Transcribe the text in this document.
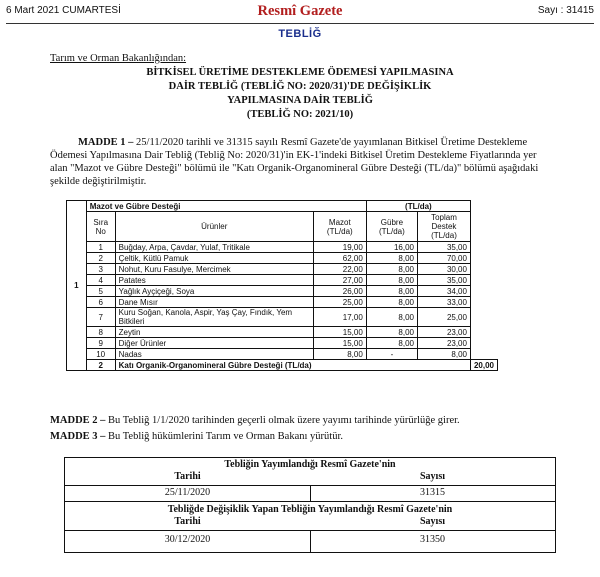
6 Mart 2021 CUMARTESİ	Resmî Gazete	Sayı : 31415
TEBLİĞ
Tarım ve Orman Bakanlığından:
BİTKİSEL ÜRETİME DESTEKLEME ÖDEMESİ YAPILMASINA
DAİR TEBLİĞ (TEBLİĞ NO: 2020/31)'DE DEĞİŞİKLİK
YAPILMASINA DAİR TEBLİĞ
(TEBLİĞ NO: 2021/10)
MADDE 1 – 25/11/2020 tarihli ve 31315 sayılı Resmî Gazete'de yayımlanan Bitkisel Üretime Destekleme
Ödemesi Yapılmasına Dair Tebliğ (Tebliğ No: 2020/31)'in EK-1'indeki Bitkisel Üretim Destekleme Fiyatlarında yer
alan "Mazot ve Gübre Desteği" bölümü ile "Katı Organik-Organomineral Gübre Desteği (TL/da)" bölümü aşağıdaki
şekilde değiştirilmiştir.
1	Mazot ve Gübre Desteği			(TL/da)		
	Sıra No	Ürünler	Mazot (TL/da)	Gübre (TL/da)	Toplam Destek (TL/da)	
	1	Buğday, Arpa, Çavdar, Yulaf, Tritikale	19,00	16,00	35,00	
	2	Çeltik, Kütlü Pamuk	62,00	8,00	70,00	
	3	Nohut, Kuru Fasulye, Mercimek	22,00	8,00	30,00	
	4	Patates	27,00	8,00	35,00	
	5	Yağlık Ayçiçeği, Soya	26,00	8,00	34,00	
	6	Dane Mısır	25,00	8,00	33,00	
	7	Kuru Soğan, Kanola, Aspir, Yaş Çay, Fındık, Yem Bitkileri	17,00	8,00	25,00	
	8	Zeytin	15,00	8,00	23,00	
	9	Diğer Ürünler	15,00	8,00	23,00	
	10	Nadas	8,00	-	8,00	
	2	Katı Organik-Organomineral Gübre Desteği (TL/da)				20,00
MADDE 2 – Bu Tebliğ 1/1/2020 tarihinden geçerli olmak üzere yayımı tarihinde yürürlüğe girer.
MADDE 3 – Bu Tebliğ hükümlerini Tarım ve Orman Bakanı yürütür.
Tebliğin Yayımlandığı Resmî Gazete'nin
Tarihi	Sayısı
25/11/2020	31315
Tebliğde Değişiklik Yapan Tebliğin Yayımlandığı Resmî Gazete'nin
Tarihi	Sayısı
30/12/2020	31350
